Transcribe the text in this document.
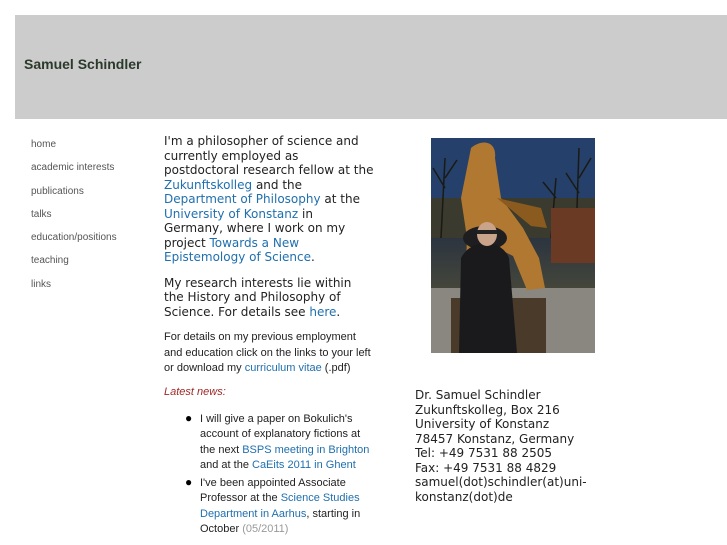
Samuel Schindler
home
academic interests
publications
talks
education/positions
teaching
links

I'm a philosopher of science and currently employed as postdoctoral research fellow at the Zukunftskolleg and the Department of Philosophy at the University of Konstanz in Germany, where I work on my project Towards a New Epistemology of Science.

My research interests lie within the History and Philosophy of Science. For details see here.

For details on my previous employment and education click on the links to your left or download my curriculum vitae (.pdf)

Latest news:
● I will give a paper on Bokulich's account of explanatory fictions at the next BSPS meeting in Brighton and at the CaEits 2011 in Ghent
● I've been appointed Associate Professor at the Science Studies Department in Aarhus, starting in October (05/2011)
Dr. Samuel Schindler
Zukunftskolleg, Box 216
University of Konstanz
78457 Konstanz, Germany
Tel: +49 7531 88 2505
Fax: +49 7531 88 4829
samuel(dot)schindler(at)uni-konstanz(dot)de
